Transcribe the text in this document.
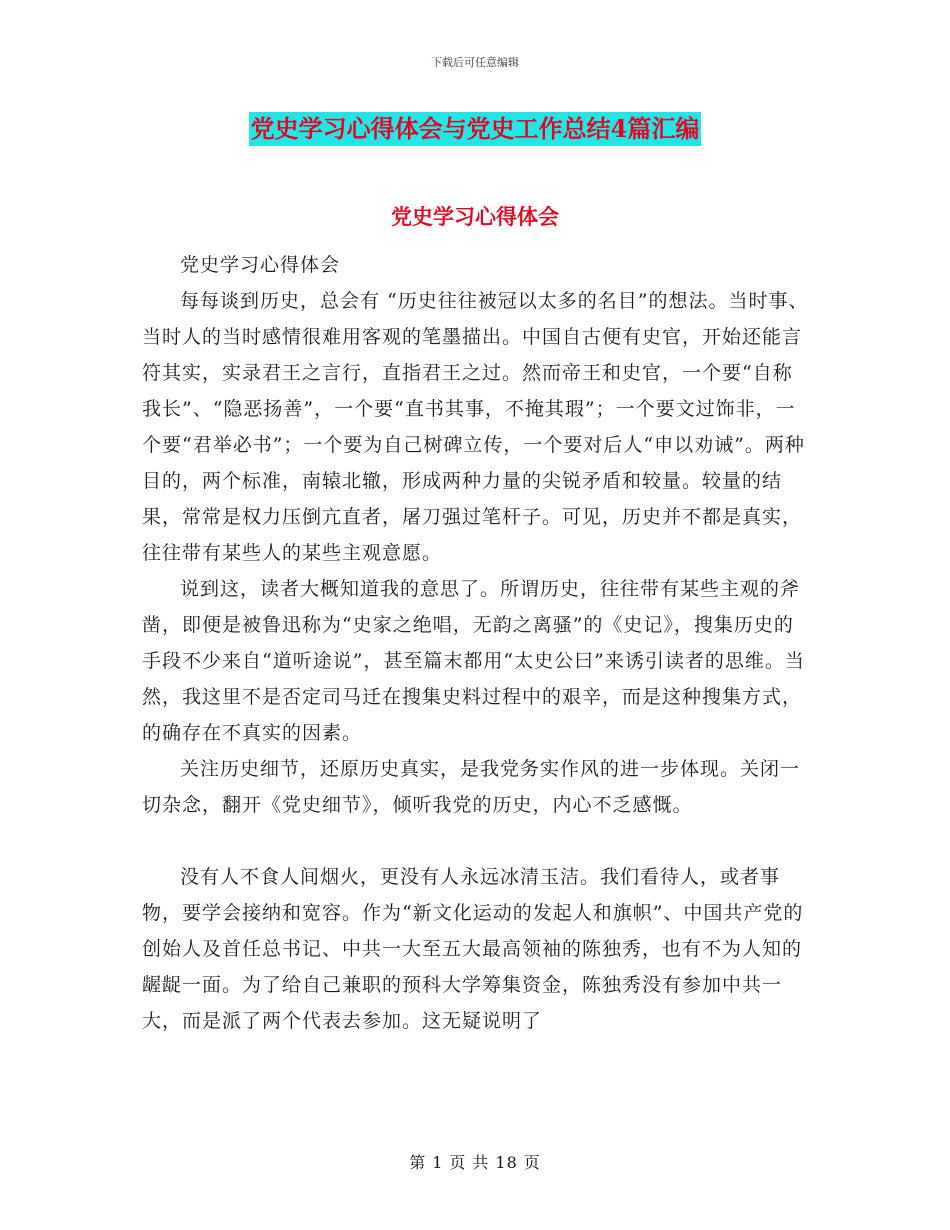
下载后可任意编辑
党史学习心得体会与党史工作总结4篇汇编
党史学习心得体会

党史学习心得体会

每每谈到历史，总会有 “历史往往被冠以太多的名目”的想法。当时事、当时人的当时感情很难用客观的笔墨描出。中国自古便有史官，开始还能言符其实，实录君王之言行，直指君王之过。然而帝王和史官，一个要“自称我长”、“隐恶扬善”，一个要“直书其事，不掩其瑕”；一个要文过饰非，一个要“君举必书”；一个要为自己树碑立传，一个要对后人“申以劝诫”。两种目的，两个标准，南辕北辙，形成两种力量的尖锐矛盾和较量。较量的结果，常常是权力压倒亢直者，屠刀强过笔杆子。可见，历史并不都是真实，往往带有某些人的某些主观意愿。

说到这，读者大概知道我的意思了。所谓历史，往往带有某些主观的斧凿，即便是被鲁迅称为“史家之绝唱，无韵之离骚”的《史记》，搜集历史的手段不少来自“道听途说”，甚至篇末都用“太史公曰”来诱引读者的思维。当然，我这里不是否定司马迁在搜集史料过程中的艰辛，而是这种搜集方式，的确存在不真实的因素。

关注历史细节，还原历史真实，是我党务实作风的进一步体现。关闭一切杂念，翻开《党史细节》，倾听我党的历史，内心不乏感慨。

没有人不食人间烟火，更没有人永远冰清玉洁。我们看待人，或者事物，要学会接纳和宽容。作为“新文化运动的发起人和旗帜”、中国共产党的创始人及首任总书记、中共一大至五大最高领袖的陈独秀，也有不为人知的龌龊一面。为了给自己兼职的预科大学筹集资金，陈独秀没有参加中共一大，而是派了两个代表去参加。这无疑说明了

第 1 页 共 18 页
